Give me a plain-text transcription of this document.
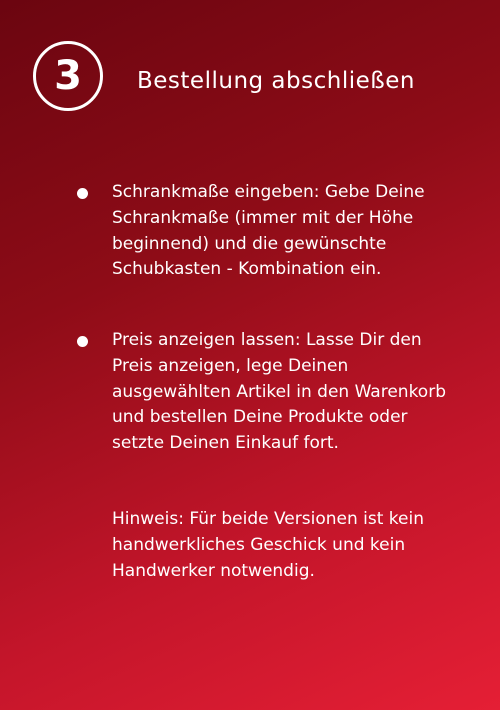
3 Bestellung abschließen

Schrankmaße eingeben: Gebe Deine Schrankmaße (immer mit der Höhe beginnend) und die gewünschte Schubkasten - Kombination ein.

Preis anzeigen lassen: Lasse Dir den Preis anzeigen, lege Deinen ausgewählten Artikel in den Warenkorb und bestellen Deine Produkte oder setzte Deinen Einkauf fort.

Hinweis: Für beide Versionen ist kein handwerkliches Geschick und kein Handwerker notwendig.
